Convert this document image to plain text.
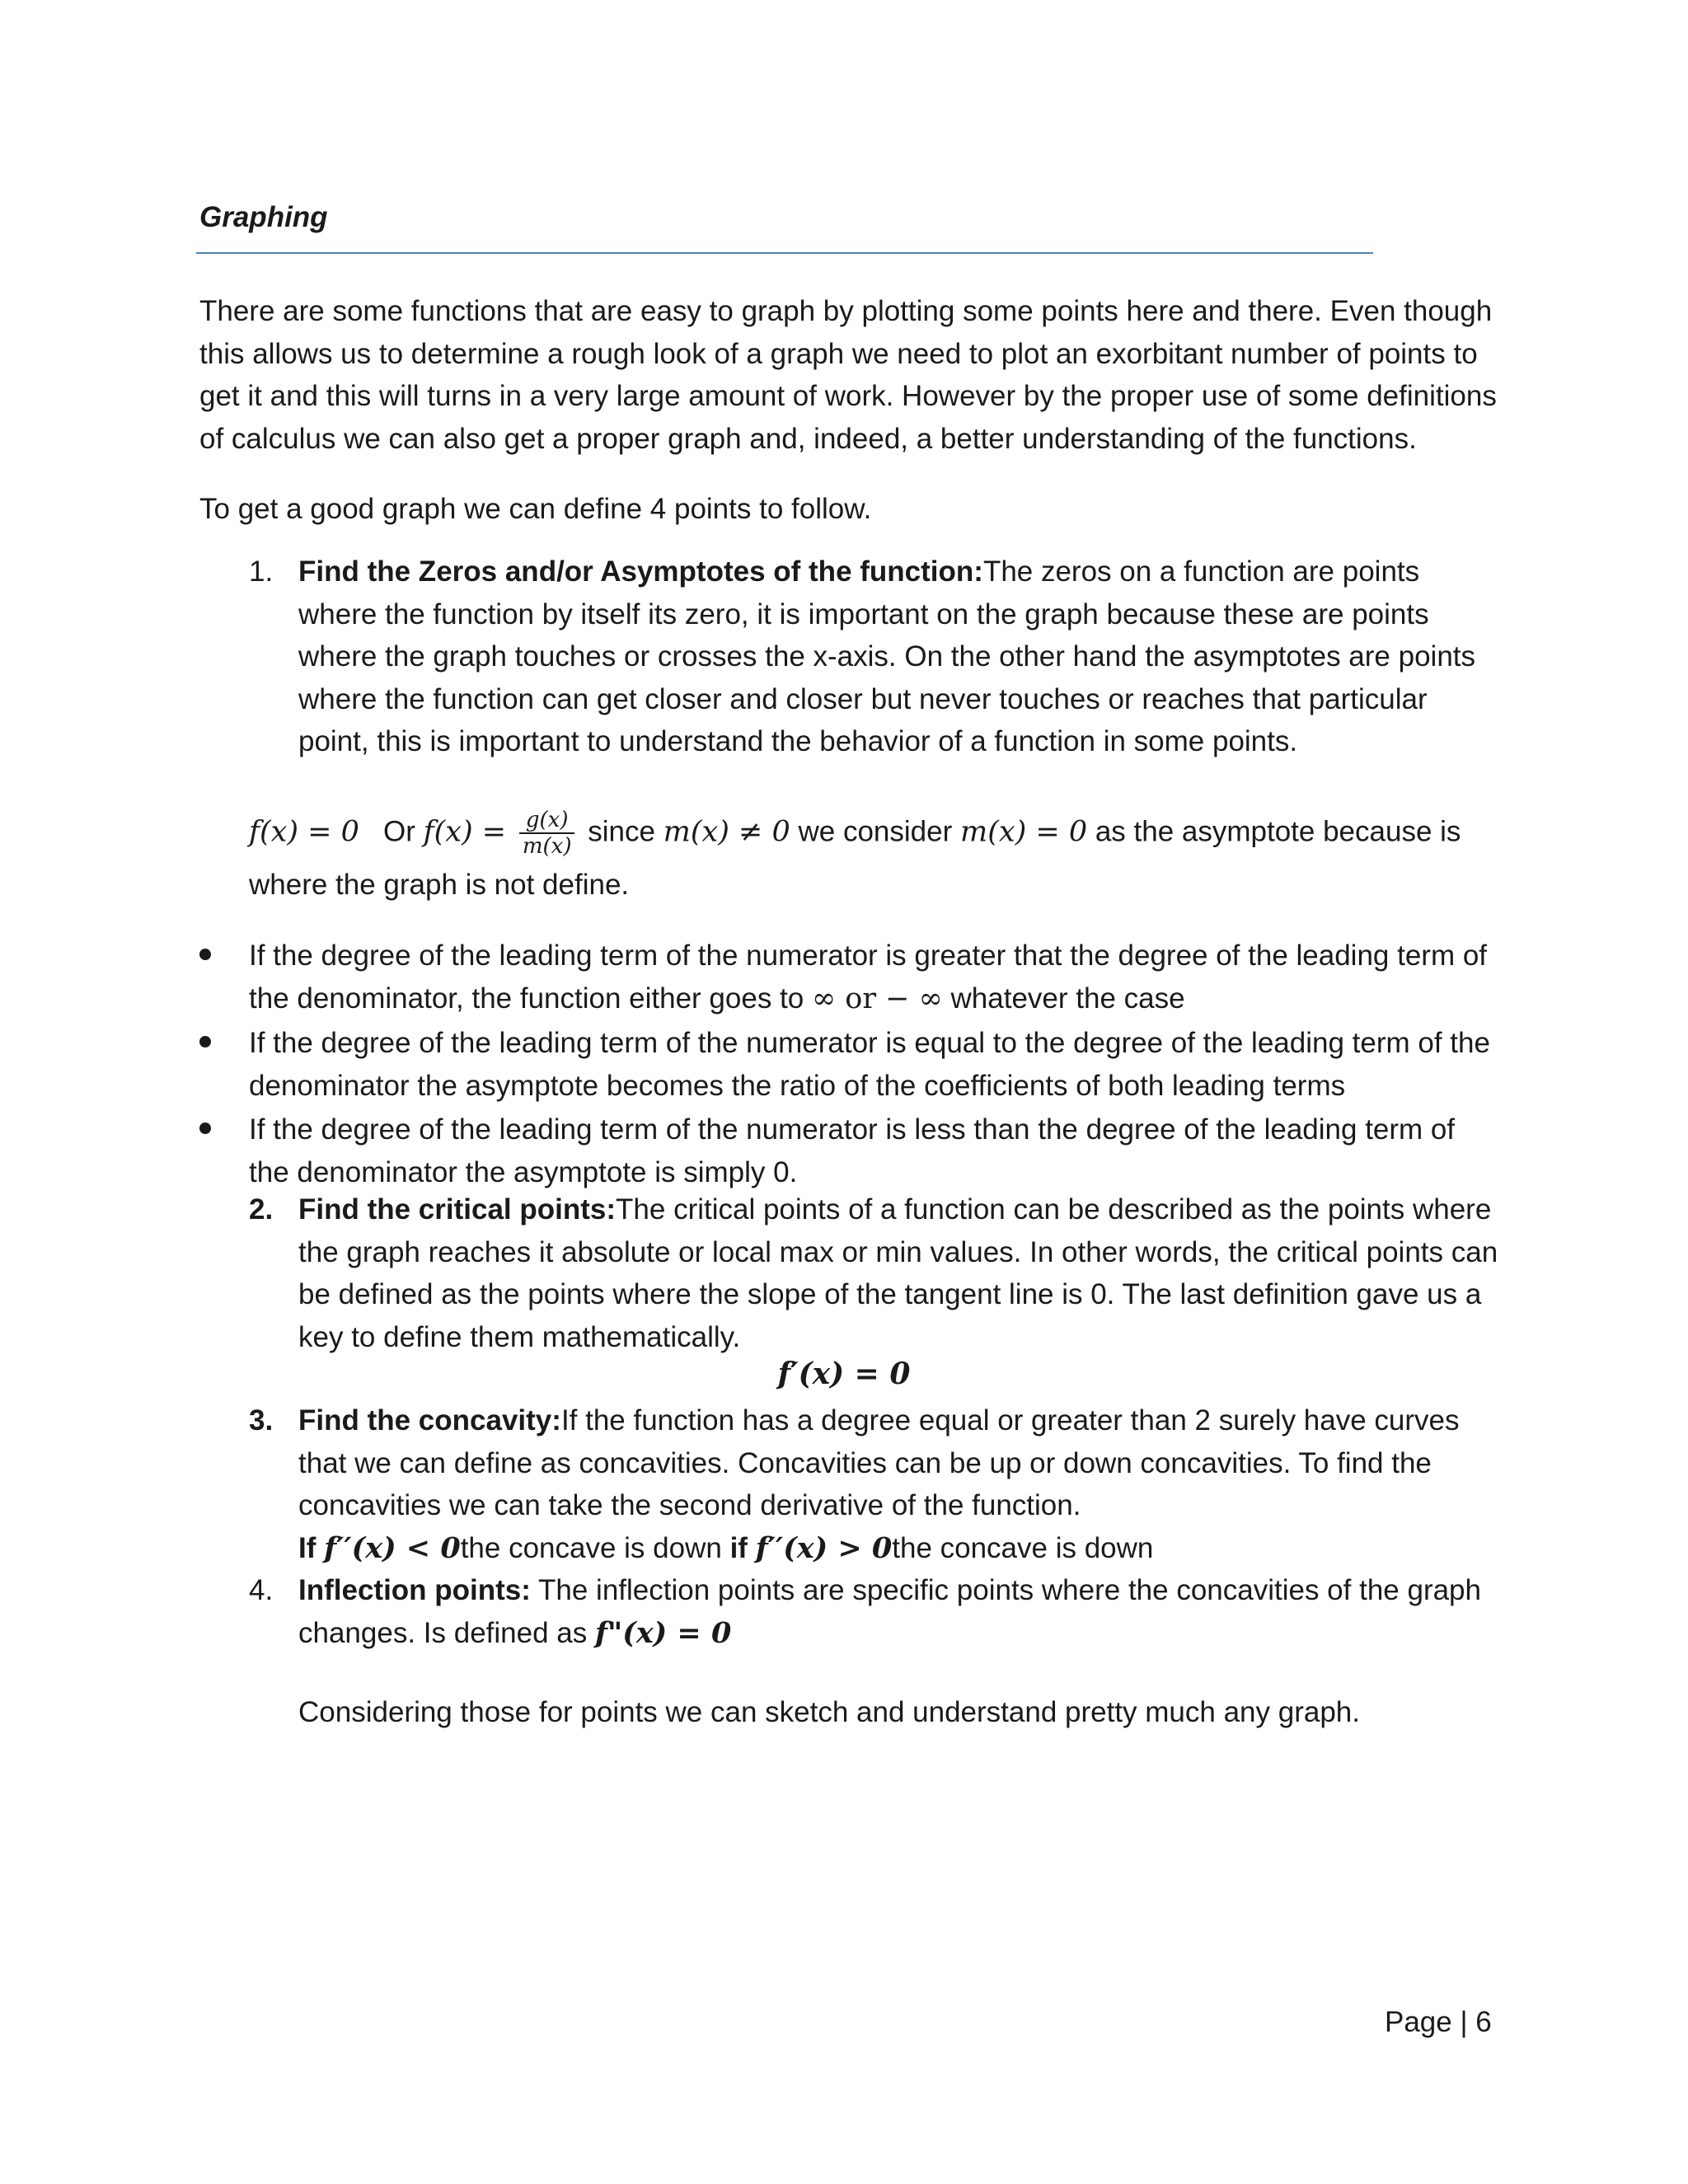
Graphing

There are some functions that are easy to graph by plotting some points here and there. Even though this allows us to determine a rough look of a graph we need to plot an exorbitant number of points to get it and this will turns in a very large amount of work. However by the proper use of some definitions of calculus we can also get a proper graph and, indeed, a better understanding of the functions.

To get a good graph we can define 4 points to follow.

1. Find the Zeros and/or Asymptotes of the function:The zeros on a function are points where the function by itself its zero, it is important on the graph because these are points where the graph touches or crosses the x-axis. On the other hand the asymptotes are points where the function can get closer and closer but never touches or reaches that particular point, this is important to understand the behavior of a function in some points.
f(x) = 0 Or $f(x) = \frac{g(x)}{m(x)}$ since m(x) ≠ 0 we consider m(x) = 0 as the asymptote because is
where the graph is not define.
If the degree of the leading term of the numerator is greater that the degree of the leading term of the denominator, the function either goes to ∞ or − ∞ whatever the case
If the degree of the leading term of the numerator is equal to the degree of the leading term of the denominator the asymptote becomes the ratio of the coefficients of both leading terms
If the degree of the leading term of the numerator is less than the degree of the leading term of the denominator the asymptote is simply 0.
2. Find the critical points:The critical points of a function can be described as the points where the graph reaches it absolute or local max or min values. In other words, the critical points can be defined as the points where the slope of the tangent line is 0. The last definition gave us a key to define them mathematically.
f′(x) = 0
3. Find the concavity:If the function has a degree equal or greater than 2 surely have curves that we can define as concavities. Concavities can be up or down concavities. To find the concavities we can take the second derivative of the function.
If f′′(x) < 0the concave is down if f′′(x) > 0the concave is down
4. Inflection points: The inflection points are specific points where the concavities of the graph changes. Is defined as f"(x) = 0
Considering those for points we can sketch and understand pretty much any graph.
Page | 6
